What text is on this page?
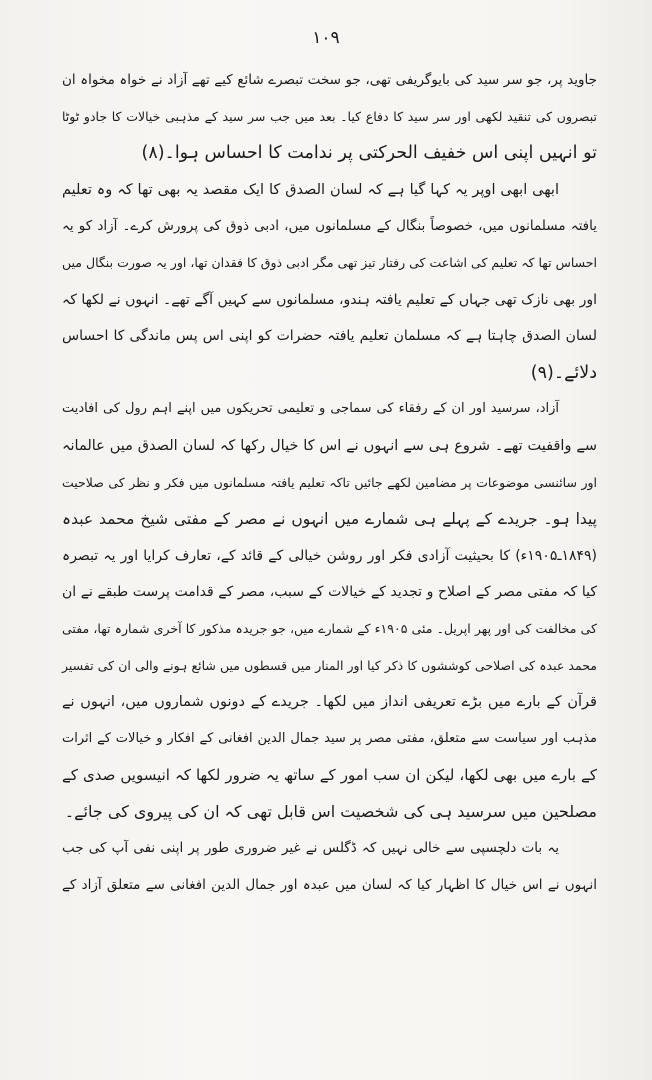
١٠٩
جاوید پر، جو سر سید کی بایوگریفی تھی، جو سخت تبصرے شائع کیے تھے آزاد نے خواہ مخواہ ان
تبصروں کی تنقید لکھی اور سر سید کا دفاع کیا۔ بعد میں جب سر سید کے مذہبی خیالات کا جادو ٹوٹا
تو انہیں اپنی اس خفیف الحرکتی پر ندامت کا احساس ہوا۔(۸)
ابھی ابھی اوپر یہ کہا گیا ہے کہ لسان الصدق کا ایک مقصد یہ بھی تھا کہ وہ تعلیم
یافتہ مسلمانوں میں، خصوصاً بنگال کے مسلمانوں میں، ادبی ذوق کی پرورش کرے۔ آزاد کو یہ
احساس تھا کہ تعلیم کی اشاعت کی رفتار تیز تھی مگر ادبی ذوق کا فقدان تھا، اور یہ صورت بنگال میں
اور بھی نازک تھی جہاں کے تعلیم یافتہ ہندو، مسلمانوں سے کہیں آگے تھے۔ انہوں نے لکھا کہ
لسان الصدق چاہتا ہے کہ مسلمان تعلیم یافتہ حضرات کو اپنی اس پس ماندگی کا احساس
دلائے۔(۹)
آزاد، سرسید اور ان کے رفقاء کی سماجی و تعلیمی تحریکوں میں اپنے اہم رول کی افادیت
سے واقفیت تھے۔ شروع ہی سے انہوں نے اس کا خیال رکھا کہ لسان الصدق میں عالمانہ
اور سائنسی موضوعات پر مضامین لکھے جائیں تاکہ تعلیم یافتہ مسلمانوں میں فکر و نظر کی صلاحیت
پیدا ہو۔ جریدے کے پہلے ہی شمارے میں انہوں نے مصر کے مفتی شیخ محمد عبدہ
(۱۸۴۹ـ۱۹۰۵ء) کا بحیثیت آزادی فکر اور روشن خیالی کے قائد کے، تعارف کرایا اور یہ تبصرہ
کیا کہ مفتی مصر کے اصلاح و تجدید کے خیالات کے سبب، مصر کے قدامت پرست طبقے نے ان
کی مخالفت کی اور پھر اپریل۔ مئی ۱۹۰۵ء کے شمارے میں، جو جریدہ مذکور کا آخری شمارہ تھا، مفتی
محمد عبدہ کی اصلاحی کوششوں کا ذکر کیا اور المنار میں قسطوں میں شائع ہونے والی ان کی تفسیر
قرآن کے بارے میں بڑے تعریفی انداز میں لکھا۔ جریدے کے دونوں شماروں میں، انہوں نے
مذہب اور سیاست سے متعلق، مفتی مصر پر سید جمال الدین افغانی کے افکار و خیالات کے اثرات
کے بارے میں بھی لکھا، لیکن ان سب امور کے ساتھ یہ ضرور لکھا کہ انیسویں صدی کے
مصلحین میں سرسید ہی کی شخصیت اس قابل تھی کہ ان کی پیروی کی جائے۔
یہ بات دلچسپی سے خالی نہیں کہ ڈگلس نے غیر ضروری طور پر اپنی نفی آپ کی جب
انہوں نے اس خیال کا اظہار کیا کہ لسان میں عبدہ اور جمال الدین افغانی سے متعلق آزاد کے
